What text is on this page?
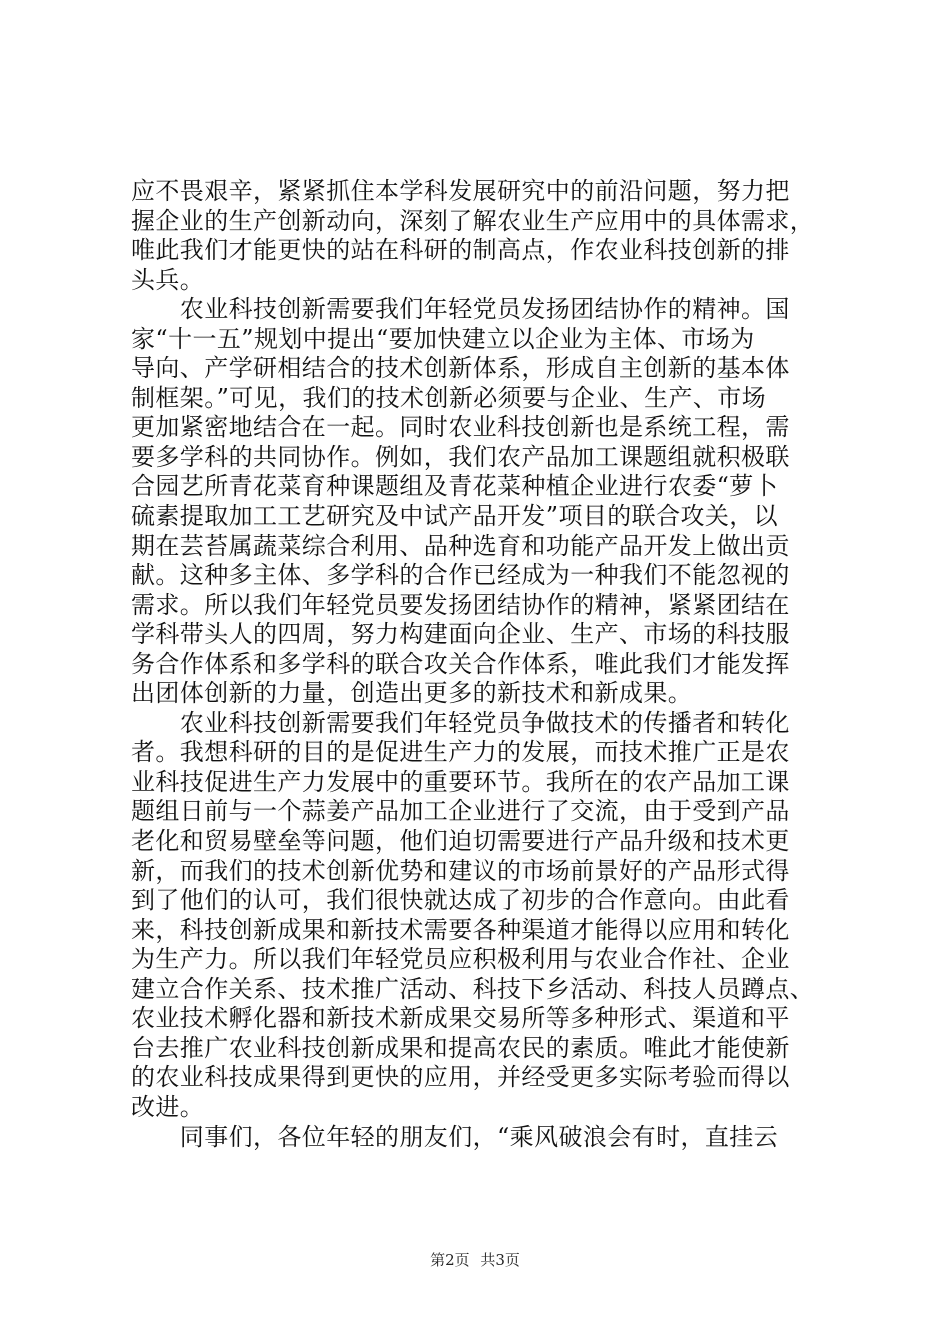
应不畏艰辛，紧紧抓住本学科发展研究中的前沿问题，努力把
握企业的生产创新动向，深刻了解农业生产应用中的具体需求，
唯此我们才能更快的站在科研的制高点，作农业科技创新的排
头兵。
　　农业科技创新需要我们年轻党员发扬团结协作的精神。国
家“十一五”规划中提出“要加快建立以企业为主体、市场为
导向、产学研相结合的技术创新体系，形成自主创新的基本体
制框架。”可见，我们的技术创新必须要与企业、生产、市场
更加紧密地结合在一起。同时农业科技创新也是系统工程，需
要多学科的共同协作。例如，我们农产品加工课题组就积极联
合园艺所青花菜育种课题组及青花菜种植企业进行农委“萝卜
硫素提取加工工艺研究及中试产品开发”项目的联合攻关，以
期在芸苔属蔬菜综合利用、品种选育和功能产品开发上做出贡
献。这种多主体、多学科的合作已经成为一种我们不能忽视的
需求。所以我们年轻党员要发扬团结协作的精神，紧紧团结在
学科带头人的四周，努力构建面向企业、生产、市场的科技服
务合作体系和多学科的联合攻关合作体系，唯此我们才能发挥
出团体创新的力量，创造出更多的新技术和新成果。
　　农业科技创新需要我们年轻党员争做技术的传播者和转化
者。我想科研的目的是促进生产力的发展，而技术推广正是农
业科技促进生产力发展中的重要环节。我所在的农产品加工课
题组日前与一个蒜姜产品加工企业进行了交流，由于受到产品
老化和贸易壁垒等问题，他们迫切需要进行产品升级和技术更
新，而我们的技术创新优势和建议的市场前景好的产品形式得
到了他们的认可，我们很快就达成了初步的合作意向。由此看
来，科技创新成果和新技术需要各种渠道才能得以应用和转化
为生产力。所以我们年轻党员应积极利用与农业合作社、企业
建立合作关系、技术推广活动、科技下乡活动、科技人员蹲点、
农业技术孵化器和新技术新成果交易所等多种形式、渠道和平
台去推广农业科技创新成果和提高农民的素质。唯此才能使新
的农业科技成果得到更快的应用，并经受更多实际考验而得以
改进。
　　同事们，各位年轻的朋友们，“乘风破浪会有时，直挂云
第2页 共3页
